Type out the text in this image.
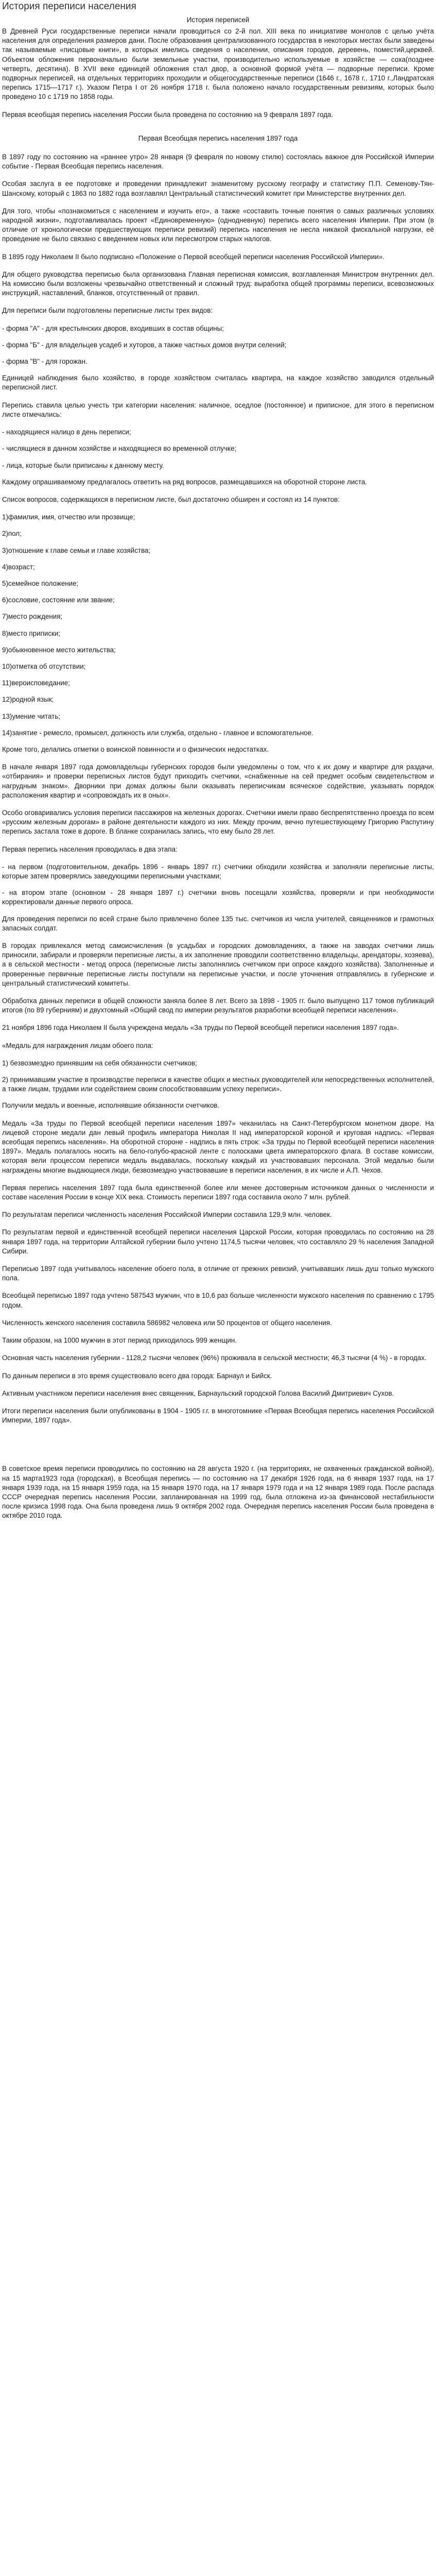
История переписи населения
История переписей

В Древней Руси государственные переписи начали проводиться со 2-й пол. XIII века по инициативе монголов с целью учёта населения для определения размеров дани. После образования централизованного государства в некоторых местах были заведены так называемые «писцовые книги», в которых имелись сведения о населении, описания городов, деревень, поместий,церквей. Объектом обложения первоначально были земельные участки, производительно используемые в хозяйстве — соха(позднее четверть, десятина). В XVII веке единицей обложения стал двор, а основной формой учёта — подворные переписи. Кроме подворных переписей, на отдельных территориях проходили и общегосударственные переписи (1646 г., 1678 г., 1710 г.,Ландратская перепись 1715—1717 г.). Указом Петра I от 26 ноября 1718 г. была положено начало государственным ревизиям, которых было проведено 10 с 1719 по 1858 годы.

Первая всеобщая перепись населения России была проведена по состоянию на 9 февраля 1897 года.

Первая Всеобщая перепись населения 1897 года

В 1897 году по состоянию на «раннее утро» 28 января (9 февраля по новому стилю) состоялась важное для Российской Империи событие - Первая Всеобщая перепись населения.

Особая заслуга в ее подготовке и проведении принадлежит знаменитому русскому географу и статистику П.П. Семенову-Тян-Шанскому, который с 1863 по 1882 года возглавлял Центральный статистический комитет при Министерстве внутренних дел.

Для того, чтобы «познакомиться с населением и изучить его», а также «составить точные понятия о самых различных условиях народной жизни», подготавливалась проект «Единовременную» (однодневную) перепись всего населения Империи. При этом (в отличие от хронологически предшествующих переписи ревизий) перепись населения не несла никакой фискальной нагрузки, её проведение не было связано с введением новых или пересмотром старых налогов.

В 1895 году Николаем II было подписано «Положение о Первой всеобщей переписи населения Российской Империи».

Для общего руководства переписью была организована Главная переписная комиссия, возглавленная Министром внутренних дел. На комиссию были возложены чрезвычайно ответственный и сложный труд: выработка общей программы переписи, всевозможных инструкций, наставлений, бланков, отсутственный от правил.

Для переписи были подготовлены переписные листы трех видов:

- форма "А" - для крестьянских дворов, входивших в состав общины;

- форма "Б" - для владельцев усадеб и хуторов, а также частных домов внутри селений;

- форма "В" - для горожан.

Единицей наблюдения было хозяйство, в городе хозяйством считалась квартира, на каждое хозяйство заводился отдельный переписной лист.

Перепись ставила целью учесть три категории населения: наличное, оседлое (постоянное) и приписное, для этого в переписном листе отмечались:

- находящиеся налицо в день переписи;

- числящиеся в данном хозяйстве и находящиеся во временной отлучке;

- лица, которые были приписаны к данному месту.

Каждому опрашиваемому предлагалось ответить на ряд вопросов, размещавшихся на оборотной стороне листа.

Список вопросов, содержащихся в переписном листе, был достаточно обширен и состоял из 14 пунктов:

1)фамилия, имя, отчество или прозвище;

2)пол;

3)отношение к главе семьи и главе хозяйства;

4)возраст;

5)семейное положение;

6)сословие, состояние или звание;

7)место рождения;

8)место приписки;

9)обыкновенное место жительства;

10)отметка об отсутствии;

11)вероисповедание;

12)родной язык;

13)умение читать;

14)занятие - ремесло, промысел, должность или служба, отдельно - главное и вспомогательное.

Кроме того, делались отметки о воинской повинности и о физических недостатках.

В начале января 1897 года домовладельцы губернских городов были уведомлены о том, что к их дому и квартире для раздачи, «отбирания» и проверки переписных листов будут приходить счетчики, «снабженные на сей предмет особым свидетельством и нагрудным знаком». Дворники при домах должны были оказывать переписчикам всяческое содействие, указывать порядок расположения квартир и «сопровождать их в оных».

Особо оговаривались условия переписи пассажиров на железных дорогах. Счетчики имели право беспрепятственно проезда по всем «русским железным дорогам» в районе деятельности каждого из них. Между прочим, вечно путешествующему Григорию Распутину перепись застала тоже в дороге. В бланке сохранилась запись, что ему было 28 лет.

Первая перепись населения проводилась в два этапа:

- на первом (подготовительном, декабрь 1896 - январь 1897 гг.) счетчики обходили хозяйства и заполняли переписные листы, которые затем проверялись заведующими переписными участками;

- на втором этапе (основном - 28 января 1897 г.) счетчики вновь посещали хозяйства, проверяли и при необходимости корректировали данные первого опроса.

Для проведения переписи по всей стране было привлечено более 135 тыс. счетчиков из числа учителей, священников и грамотных запасных солдат.

В городах привлекался метод самоисчисления (в усадьбах и городских домовладениях, а также на заводах счетчики лишь приносили, забирали и проверяли переписные листы, а их заполнение проводили соответственно владельцы, арендаторы, хозяева), а в сельской местности - метод опроса (переписные листы заполнялись счетчиком при опросе каждого хозяйства). Заполненные и проверенные первичные переписные листы поступали на переписные участки, и после уточнения отправлялись в губернские и центральный статистический комитеты.

Обработка данных переписи в общей сложности заняла более 8 лет. Всего за 1898 - 1905 гг. было выпущено 117 томов публикаций итогов (по 89 губерниям) и двухтомный «Общий свод по империи результатов разработки всеобщей переписи населения».

21 ноября 1896 года Николаем II была учреждена медаль «За труды по Первой всеобщей переписи населения 1897 года».

«Медаль для награждения лицам обоего пола:

1) безвозмездно принявшим на себя обязанности счетчиков;

2) принимавшим участие в производстве переписи в качестве общих и местных руководителей или непосредственных исполнителей, а также лицам, трудами или содействием своим способствовавшим успеху переписи».

Получили медаль и военные, исполнявшие обязанности счетчиков.

Медаль «За труды по Первой всеобщей переписи населения 1897» чеканилась на Санкт-Петербургском монетном дворе. На лицевой стороне медали дан левый профиль императора Николая II над императорской короной и круговая надпись: «Первая всеобщая перепись населения». На оборотной стороне - надпись в пять строк: «За труды по Первой всеобщей переписи населения 1897». Медаль полагалось носить на бело-голубо-красной ленте с полосками цвета императорского флага. В составе комиссии, которая вели процессом переписи медаль выдавалась, поскольку каждый из участвовавших персонала. Этой медалью были награждены многие выдающиеся люди, безвозмездно участвовавшие в переписи населения, в их числе и А.П. Чехов.

Первая перепись населения 1897 года была единственной более или менее достоверным источником данных о численности и составе населения России в конце XIX века. Стоимость переписи 1897 года составила около 7 млн. рублей.

По результатам переписи численность населения Российской Империи составила 129,9 млн. человек.

По результатам первой и единственной всеобщей переписи населения Царской России, которая проводилась по состоянию на 28 января 1897 года, на территории Алтайской губернии было учтено 1174,5 тысячи человек, что составляло 29 % населения Западной Сибири.

Переписью 1897 года учитывалось население обоего пола, в отличие от прежних ревизий, учитывавших лишь душ только мужского пола.

Всеобщей переписью 1897 года учтено 587543 мужчин, что в 10,6 раз больше численности мужского населения по сравнению с 1795 годом.

Численность женского населения составила 586982 человека или 50 процентов от общего населения.

Таким образом, на 1000 мужчин в этот период приходилось 999 женщин.

Основная часть населения губернии - 1128,2 тысячи человек (96%) проживала в сельской местности; 46,3 тысячи (4 %) - в городах.

По данным переписи в это время существовало всего два города: Барнаул и Бийск.

Активным участником переписи населения внес священник, Барнаульский городской Голова Василий Дмитриевич Сухов.

Итоги переписи населения были опубликованы в 1904 - 1905 г.г. в многотомнике «Первая Всеобщая перепись населения Российской Империи, 1897 года».

В советское время переписи проводились по состоянию на 28 августа 1920 г. (на территориях, не охваченных гражданской войной), на 15 марта1923 года (городская), в Всеобщая перепись — по состоянию на 17 декабря 1926 года, на 6 января 1937 года, на 17 января 1939 года, на 15 января 1959 года, на 15 января 1970 года, на 17 января 1979 года и на 12 января 1989 года. После распада СССР очередная перепись населения России, запланированная на 1999 год, была отложена из-за финансовой нестабильности после кризиса 1998 года. Она была проведена лишь 9 октября 2002 года. Очередная перепись населения России была проведена в октябре 2010 года.
